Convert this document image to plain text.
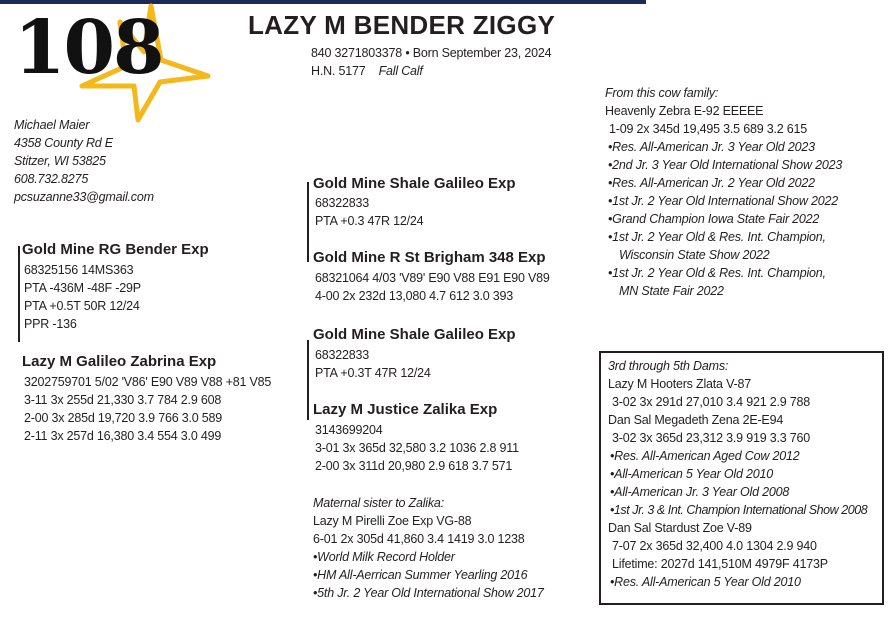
108	LAZY M BENDER ZIGGY
840 3271803378 • Born September 23, 2024
H.N. 5177 Fall Calf
Michael Maier
4358 County Rd E
Stitzer, WI 53825
608.732.8275
pcsuzanne33@gmail.com
Gold Mine RG Bender Exp
68325156 14MS363
PTA -436M -48F -29P
PTA +0.5T 50R 12/24
PPR -136
Lazy M Galileo Zabrina Exp
3202759701 5/02 'V86' E90 V89 V88 +81 V85
3-11 3x 255d 21,330 3.7 784 2.9 608
2-00 3x 285d 19,720 3.9 766 3.0 589
2-11 3x 257d 16,380 3.4 554 3.0 499
Gold Mine Shale Galileo Exp
68322833
PTA +0.3 47R 12/24
Gold Mine R St Brigham 348 Exp
68321064 4/03 'V89' E90 V88 E91 E90 V89
4-00 2x 232d 13,080 4.7 612 3.0 393
Gold Mine Shale Galileo Exp
68322833
PTA +0.3T 47R 12/24
Lazy M Justice Zalika Exp
3143699204
3-01 3x 365d 32,580 3.2 1036 2.8 911
2-00 3x 311d 20,980 2.9 618 3.7 571
Maternal sister to Zalika:
Lazy M Pirelli Zoe Exp VG-88
6-01 2x 305d 41,860 3.4 1419 3.0 1238
•World Milk Record Holder
•HM All-Aerrican Summer Yearling 2016
•5th Jr. 2 Year Old International Show 2017
From this cow family:
Heavenly Zebra E-92 EEEEE
1-09 2x 345d 19,495 3.5 689 3.2 615
•Res. All-American Jr. 3 Year Old 2023
•2nd Jr. 3 Year Old International Show 2023
•Res. All-American Jr. 2 Year Old 2022
•1st Jr. 2 Year Old International Show 2022
•Grand Champion Iowa State Fair 2022
•1st Jr. 2 Year Old & Res. Int. Champion,
Wisconsin State Show 2022
•1st Jr. 2 Year Old & Res. Int. Champion,
MN State Fair 2022
3rd through 5th Dams:
Lazy M Hooters Zlata V-87
3-02 3x 291d 27,010 3.4 921 2.9 788
Dan Sal Megadeth Zena 2E-E94
3-02 3x 365d 23,312 3.9 919 3.3 760
•Res. All-American Aged Cow 2012
•All-American 5 Year Old 2010
•All-American Jr. 3 Year Old 2008
•1st Jr. 3 & Int. Champion International Show 2008
Dan Sal Stardust Zoe V-89
7-07 2x 365d 32,400 4.0 1304 2.9 940
Lifetime: 2027d 141,510M 4979F 4173P
•Res. All-American 5 Year Old 2010
